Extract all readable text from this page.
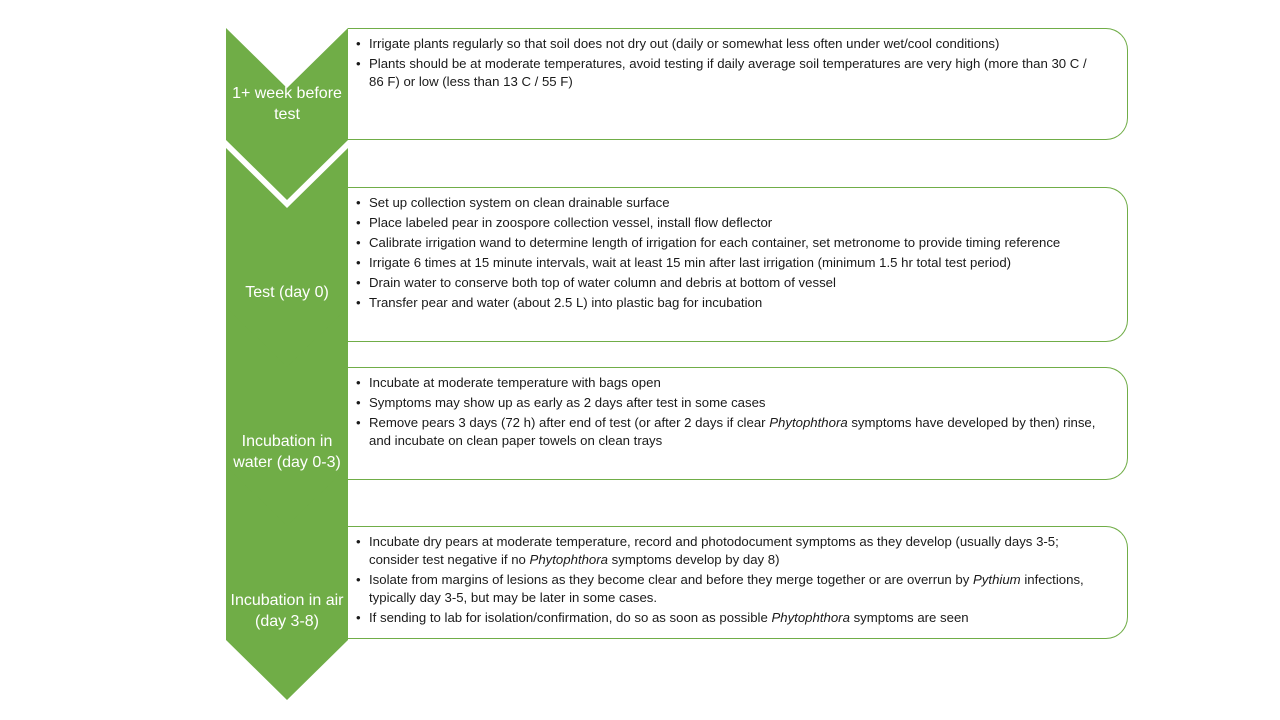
1+ week before test
• Irrigate plants regularly so that soil does not dry out (daily or somewhat less often under wet/cool conditions)
• Plants should be at moderate temperatures, avoid testing if daily average soil temperatures are very high (more than 30 C / 86 F) or low (less than 13 C / 55 F)
Test (day 0)
• Set up collection system on clean drainable surface
• Place labeled pear in zoospore collection vessel, install flow deflector
• Calibrate irrigation wand to determine length of irrigation for each container, set metronome to provide timing reference
• Irrigate 6 times at 15 minute intervals, wait at least 15 min after last irrigation (minimum 1.5 hr total test period)
• Drain water to conserve both top of water column and debris at bottom of vessel
• Transfer pear and water (about 2.5 L) into plastic bag for incubation
Incubation in water (day 0-3)
• Incubate at moderate temperature with bags open
• Symptoms may show up as early as 2 days after test in some cases
• Remove pears 3 days (72 h) after end of test (or after 2 days if clear Phytophthora symptoms have developed by then) rinse, and incubate on clean paper towels on clean trays
Incubation in air (day 3-8)
• Incubate dry pears at moderate temperature, record and photodocument symptoms as they develop (usually days 3-5; consider test negative if no Phytophthora symptoms develop by day 8)
• Isolate from margins of lesions as they become clear and before they merge together or are overrun by Pythium infections, typically day 3-5, but may be later in some cases.
• If sending to lab for isolation/confirmation, do so as soon as possible Phytophthora symptoms are seen
